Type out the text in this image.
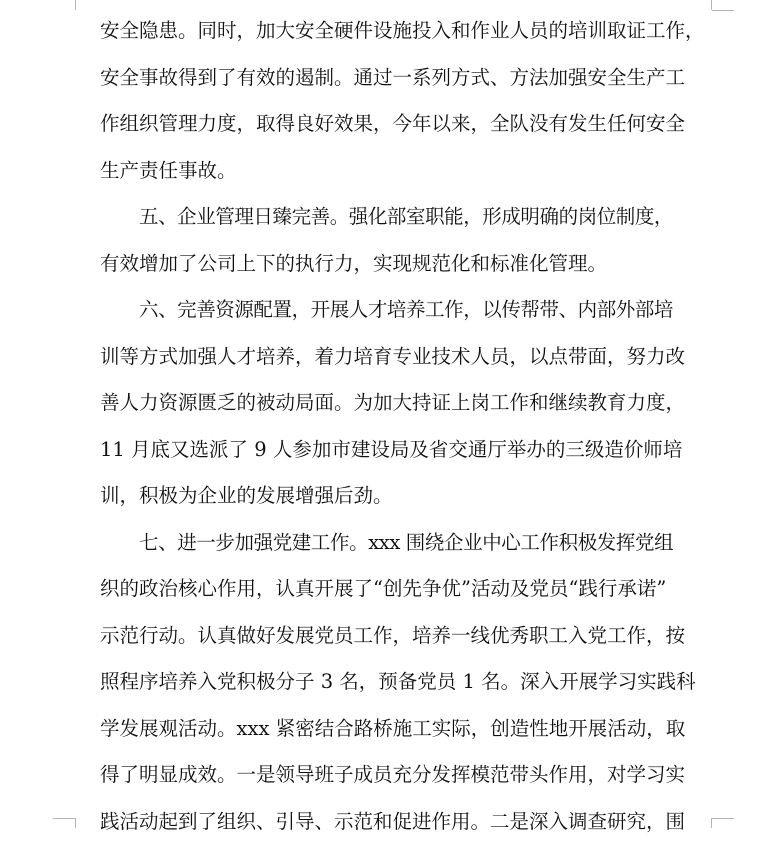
安全隐患。同时，加大安全硬件设施投入和作业人员的培训取证工作，
安全事故得到了有效的遏制。通过一系列方式、方法加强安全生产工
作组织管理力度，取得良好效果，今年以来，全队没有发生任何安全
生产责任事故。

五、企业管理日臻完善。强化部室职能，形成明确的岗位制度，
有效增加了公司上下的执行力，实现规范化和标准化管理。

六、完善资源配置，开展人才培养工作，以传帮带、内部外部培
训等方式加强人才培养，着力培育专业技术人员，以点带面，努力改
善人力资源匮乏的被动局面。为加大持证上岗工作和继续教育力度，
11 月底又选派了 9 人参加市建设局及省交通厅举办的三级造价师培
训，积极为企业的发展增强后劲。

七、进一步加强党建工作。xxx 围绕企业中心工作积极发挥党组
织的政治核心作用，认真开展了“创先争优”活动及党员“践行承诺”
示范行动。认真做好发展党员工作，培养一线优秀职工入党工作，按
照程序培养入党积极分子 3 名，预备党员 1 名。深入开展学习实践科
学发展观活动。xxx 紧密结合路桥施工实际，创造性地开展活动，取
得了明显成效。一是领导班子成员充分发挥模范带头作用，对学习实
践活动起到了组织、引导、示范和促进作用。二是深入调查研究，围
